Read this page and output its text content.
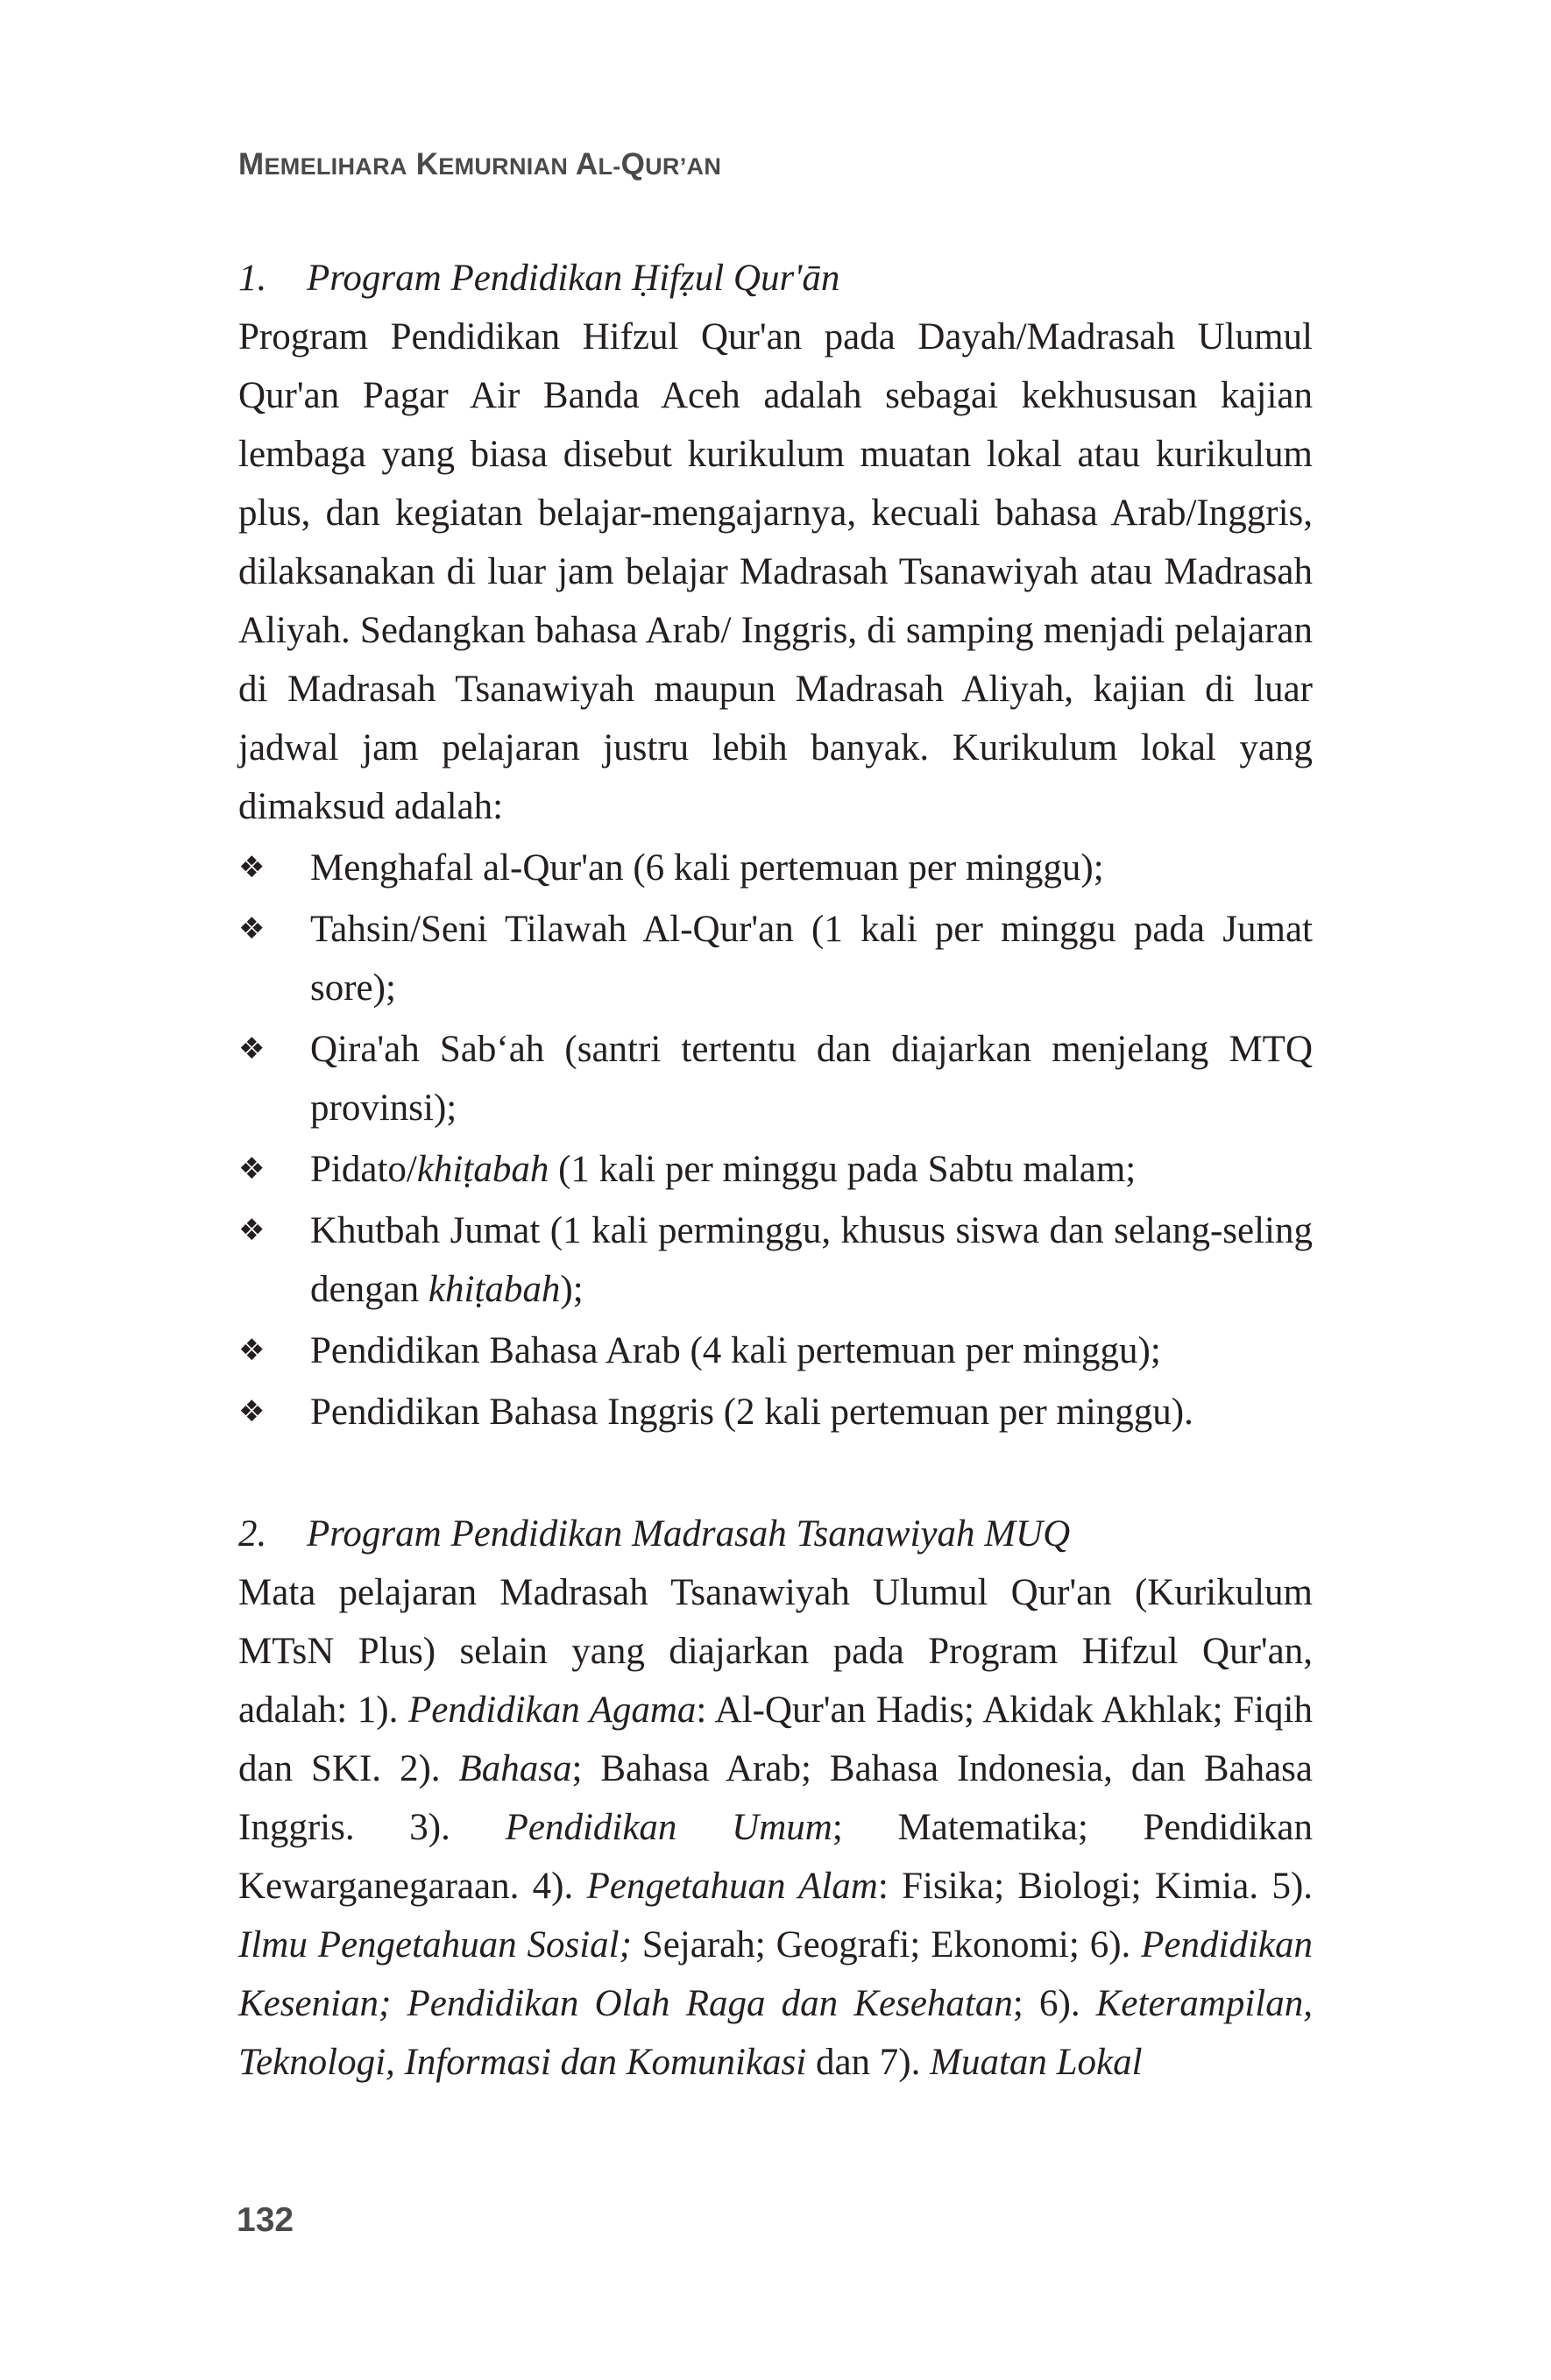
MEMELIHARA KEMURNIAN AL-QUR’AN
1. Program Pendidikan Ḥifẓul Qur'ān

Program Pendidikan Hifzul Qur'an pada Dayah/Madrasah Ulumul Qur'an Pagar Air Banda Aceh adalah sebagai kekhususan kajian lembaga yang biasa disebut kurikulum muatan lokal atau kurikulum plus, dan kegiatan belajar-mengajarnya, kecuali bahasa Arab/Inggris, dilaksanakan di luar jam belajar Madrasah Tsanawiyah atau Madrasah Aliyah. Sedangkan bahasa Arab/ Inggris, di samping menjadi pelajaran di Madrasah Tsanawiyah maupun Madrasah Aliyah, kajian di luar jadwal jam pelajaran justru lebih banyak. Kurikulum lokal yang dimaksud adalah:

❖	Menghafal al-Qur'an (6 kali pertemuan per minggu);
❖	Tahsin/Seni Tilawah Al-Qur'an (1 kali per minggu pada Jumat sore);
❖	Qira'ah Sab‘ah (santri tertentu dan diajarkan menjelang MTQ provinsi);
❖	Pidato/khiṭabah (1 kali per minggu pada Sabtu malam;
❖	Khutbah Jumat (1 kali perminggu, khusus siswa dan selang-seling dengan khiṭabah);
❖	Pendidikan Bahasa Arab (4 kali pertemuan per minggu);
❖	Pendidikan Bahasa Inggris (2 kali pertemuan per minggu).
2. Program Pendidikan Madrasah Tsanawiyah MUQ

Mata pelajaran Madrasah Tsanawiyah Ulumul Qur'an (Kurikulum MTsN Plus) selain yang diajarkan pada Program Hifzul Qur'an, adalah: 1). Pendidikan Agama: Al-Qur'an Hadis; Akidak Akhlak; Fiqih dan SKI. 2). Bahasa; Bahasa Arab; Bahasa Indonesia, dan Bahasa Inggris. 3). Pendidikan Umum; Matematika; Pendidikan Kewarganegaraan. 4). Pengetahuan Alam: Fisika; Biologi; Kimia. 5). Ilmu Pengetahuan Sosial; Sejarah; Geografi; Ekonomi; 6). Pendidikan Kesenian; Pendidikan Olah Raga dan Kesehatan; 6). Keterampilan, Teknologi, Informasi dan Komunikasi dan 7). Muatan Lokal

132
